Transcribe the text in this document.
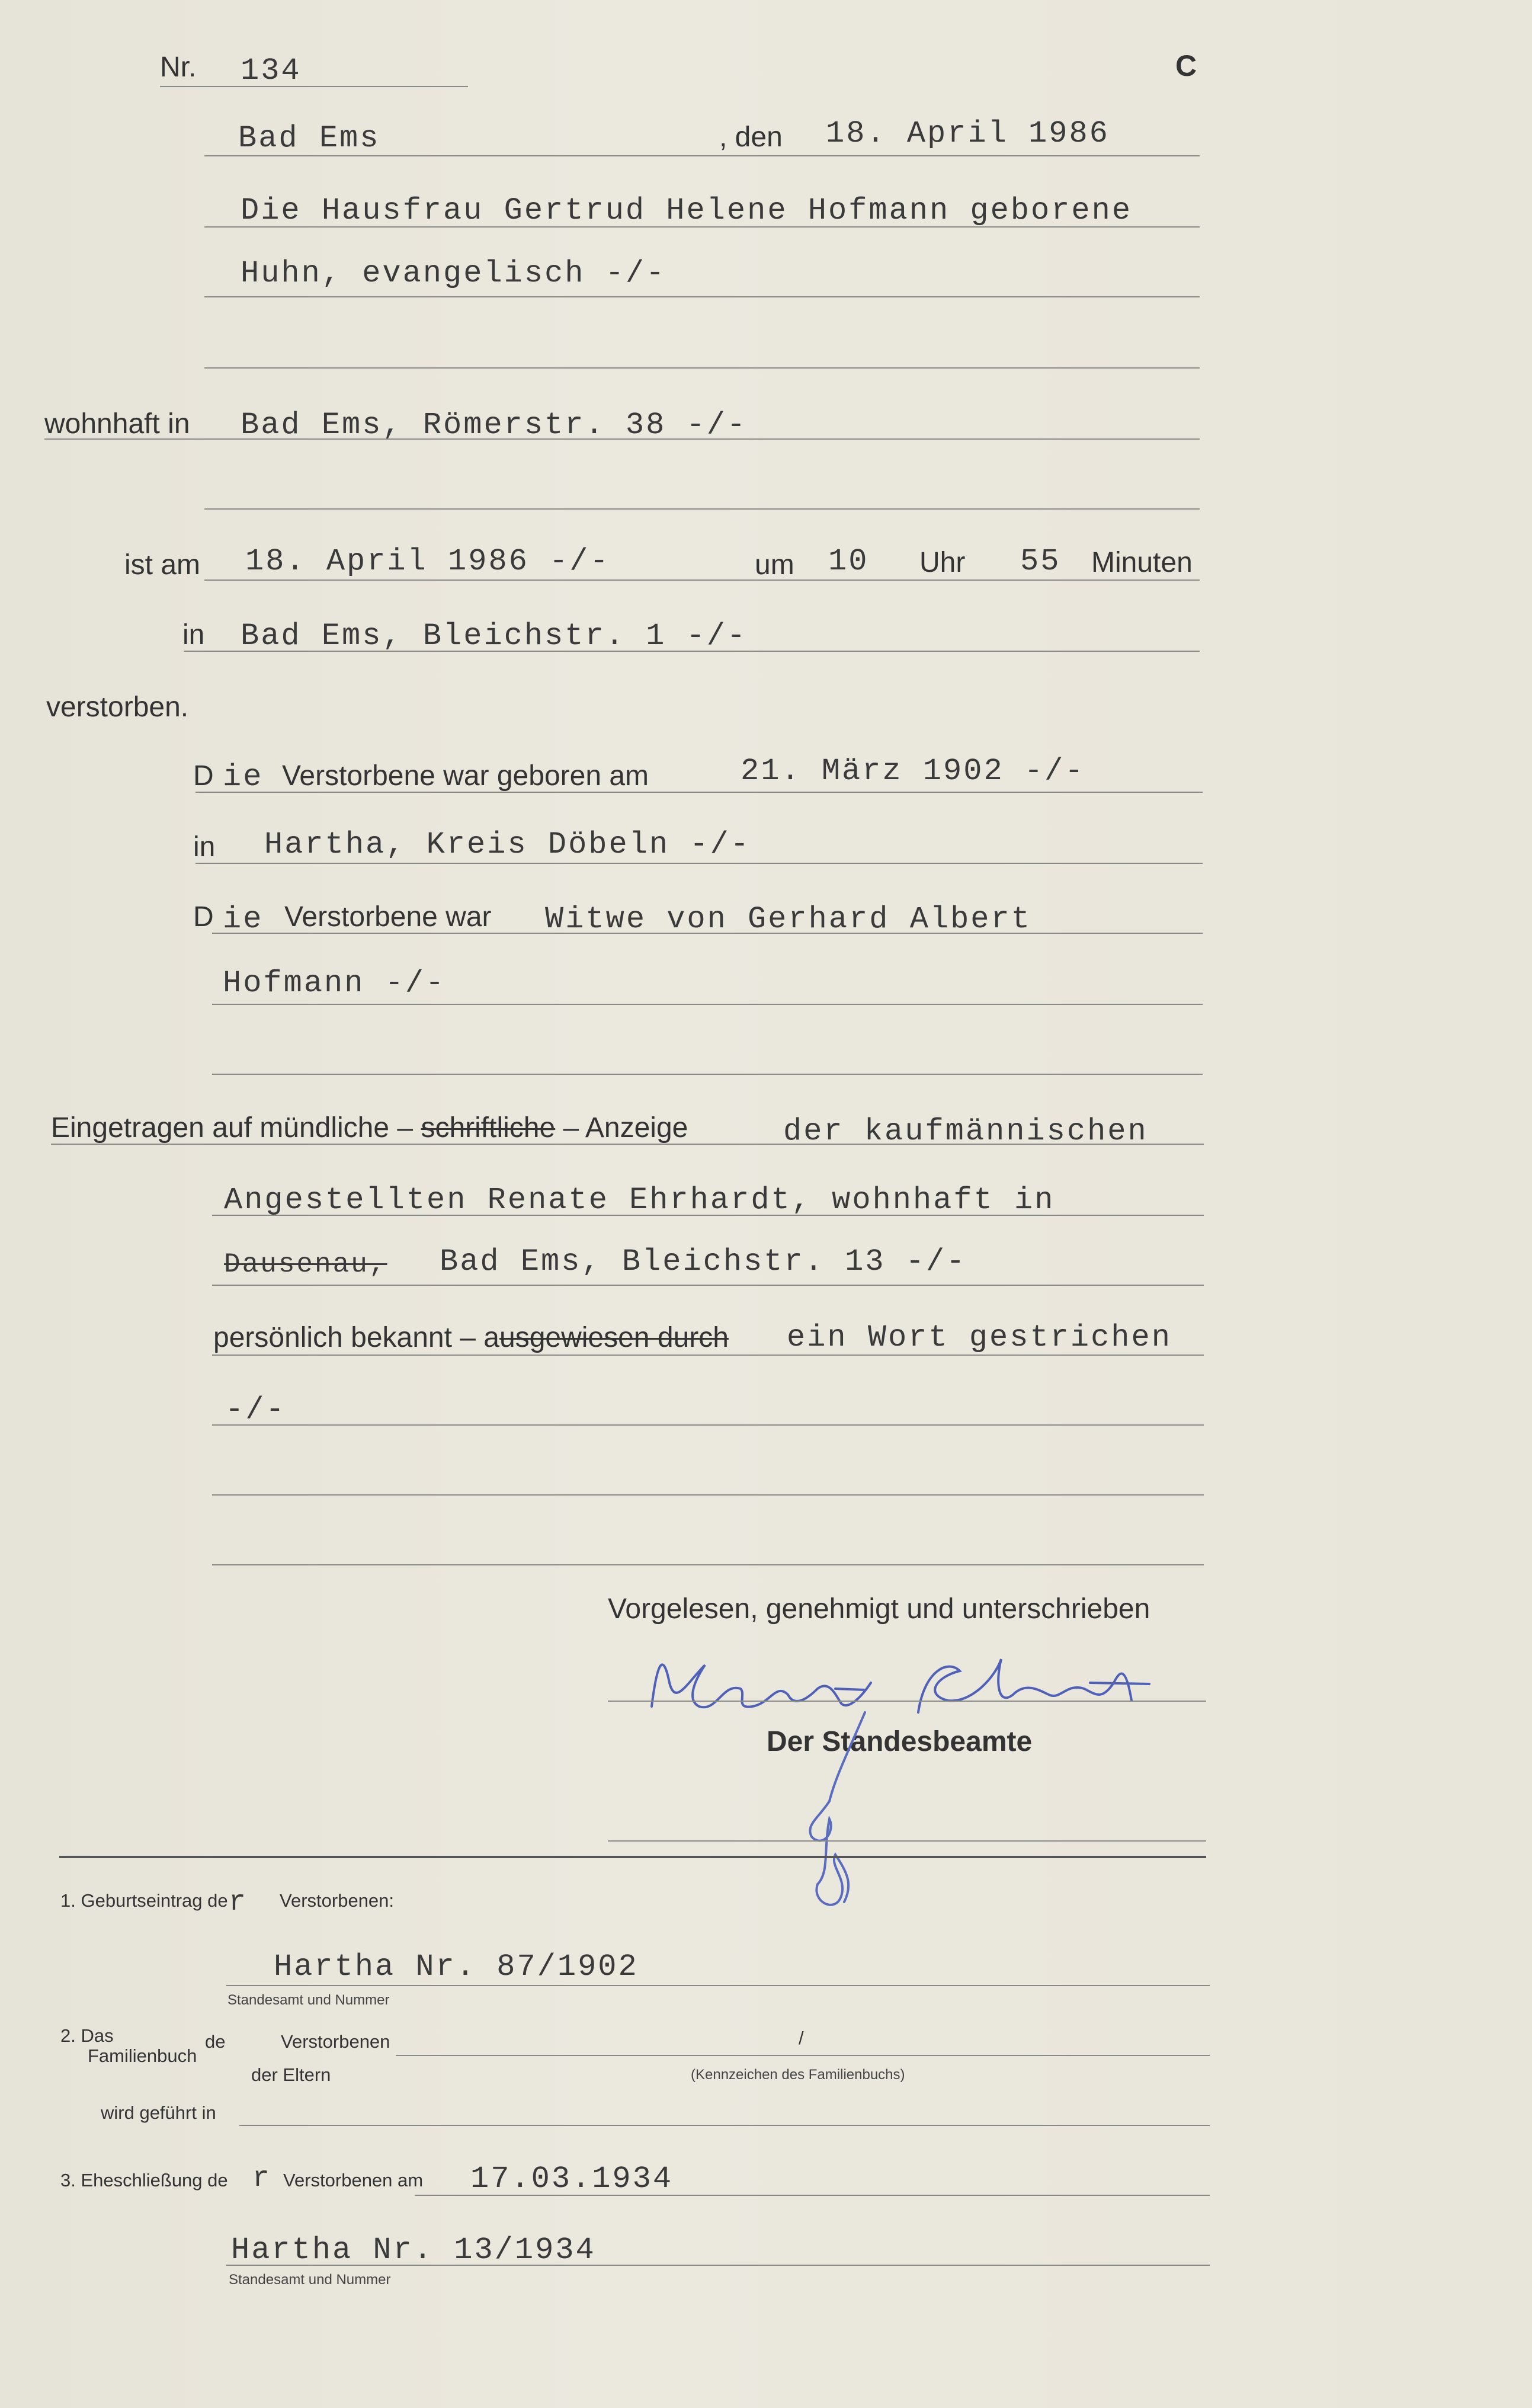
Nr. 134	C
Bad Ems	, den 18. April 1986
Die Hausfrau Gertrud Helene Hofmann geborene
Huhn, evangelisch -/-
wohnhaft in Bad Ems, Römerstr. 38 -/-
ist am 18. April 1986 -/-	um 10 Uhr 55 Minuten
in Bad Ems, Bleichstr. 1 -/-
verstorben.
D ie Verstorbene war geboren am	21. März 1902 -/-
in Hartha, Kreis Döbeln -/-
D ie Verstorbene war Witwe von Gerhard Albert
Hofmann -/-
Eingetragen auf mündliche – schriftliche – Anzeige	der kaufmännischen
Angestellten Renate Ehrhardt, wohnhaft in
Dausenau, Bad Ems, Bleichstr. 13 -/-
persönlich bekannt – ausgewiesen durch ein Wort gestrichen
-/-
Vorgelesen, genehmigt und unterschrieben
Der Standesbeamte
1. Geburtseintrag de r Verstorbenen:
Hartha Nr. 87/1902
Standesamt und Nummer
2. Das
Familienbuch
de	Verstorbenen
der Eltern
/
(Kennzeichen des Familienbuchs)
wird geführt in
3. Eheschließung de r Verstorbenen am 17.03.1934
Hartha Nr. 13/1934
Standesamt und Nummer
